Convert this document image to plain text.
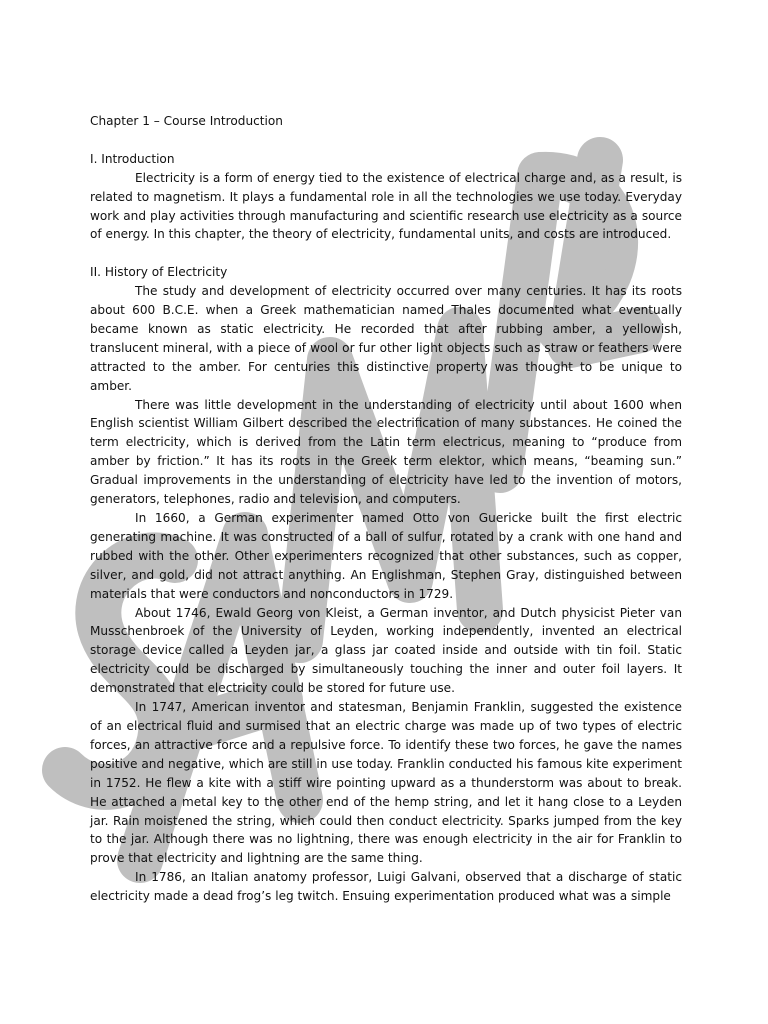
Chapter 1 – Course Introduction

I. Introduction

Electricity is a form of energy tied to the existence of electrical charge and, as a result, is related to magnetism. It plays a fundamental role in all the technologies we use today. Everyday work and play activities through manufacturing and scientific research use electricity as a source of energy. In this chapter, the theory of electricity, fundamental units, and costs are introduced.

II. History of Electricity

The study and development of electricity occurred over many centuries. It has its roots about 600 B.C.E. when a Greek mathematician named Thales documented what eventually became known as static electricity. He recorded that after rubbing amber, a yellowish, translucent mineral, with a piece of wool or fur other light objects such as straw or feathers were attracted to the amber. For centuries this distinctive property was thought to be unique to amber.

There was little development in the understanding of electricity until about 1600 when English scientist William Gilbert described the electrification of many substances. He coined the term electricity, which is derived from the Latin term electricus, meaning to “produce from amber by friction.” It has its roots in the Greek term elektor, which means, “beaming sun.” Gradual improvements in the understanding of electricity have led to the invention of motors, generators, telephones, radio and television, and computers.

In 1660, a German experimenter named Otto von Guericke built the first electric generating machine. It was constructed of a ball of sulfur, rotated by a crank with one hand and rubbed with the other. Other experimenters recognized that other substances, such as copper, silver, and gold, did not attract anything. An Englishman, Stephen Gray, distinguished between materials that were conductors and nonconductors in 1729.

About 1746, Ewald Georg von Kleist, a German inventor, and Dutch physicist Pieter van Musschenbroek of the University of Leyden, working independently, invented an electrical storage device called a Leyden jar, a glass jar coated inside and outside with tin foil. Static electricity could be discharged by simultaneously touching the inner and outer foil layers. It demonstrated that electricity could be stored for future use.

In 1747, American inventor and statesman, Benjamin Franklin, suggested the existence of an electrical fluid and surmised that an electric charge was made up of two types of electric forces, an attractive force and a repulsive force. To identify these two forces, he gave the names positive and negative, which are still in use today. Franklin conducted his famous kite experiment in 1752. He flew a kite with a stiff wire pointing upward as a thunderstorm was about to break. He attached a metal key to the other end of the hemp string, and let it hang close to a Leyden jar. Rain moistened the string, which could then conduct electricity. Sparks jumped from the key to the jar. Although there was no lightning, there was enough electricity in the air for Franklin to prove that electricity and lightning are the same thing.

In 1786, an Italian anatomy professor, Luigi Galvani, observed that a discharge of static electricity made a dead frog’s leg twitch. Ensuing experimentation produced what was a simple
